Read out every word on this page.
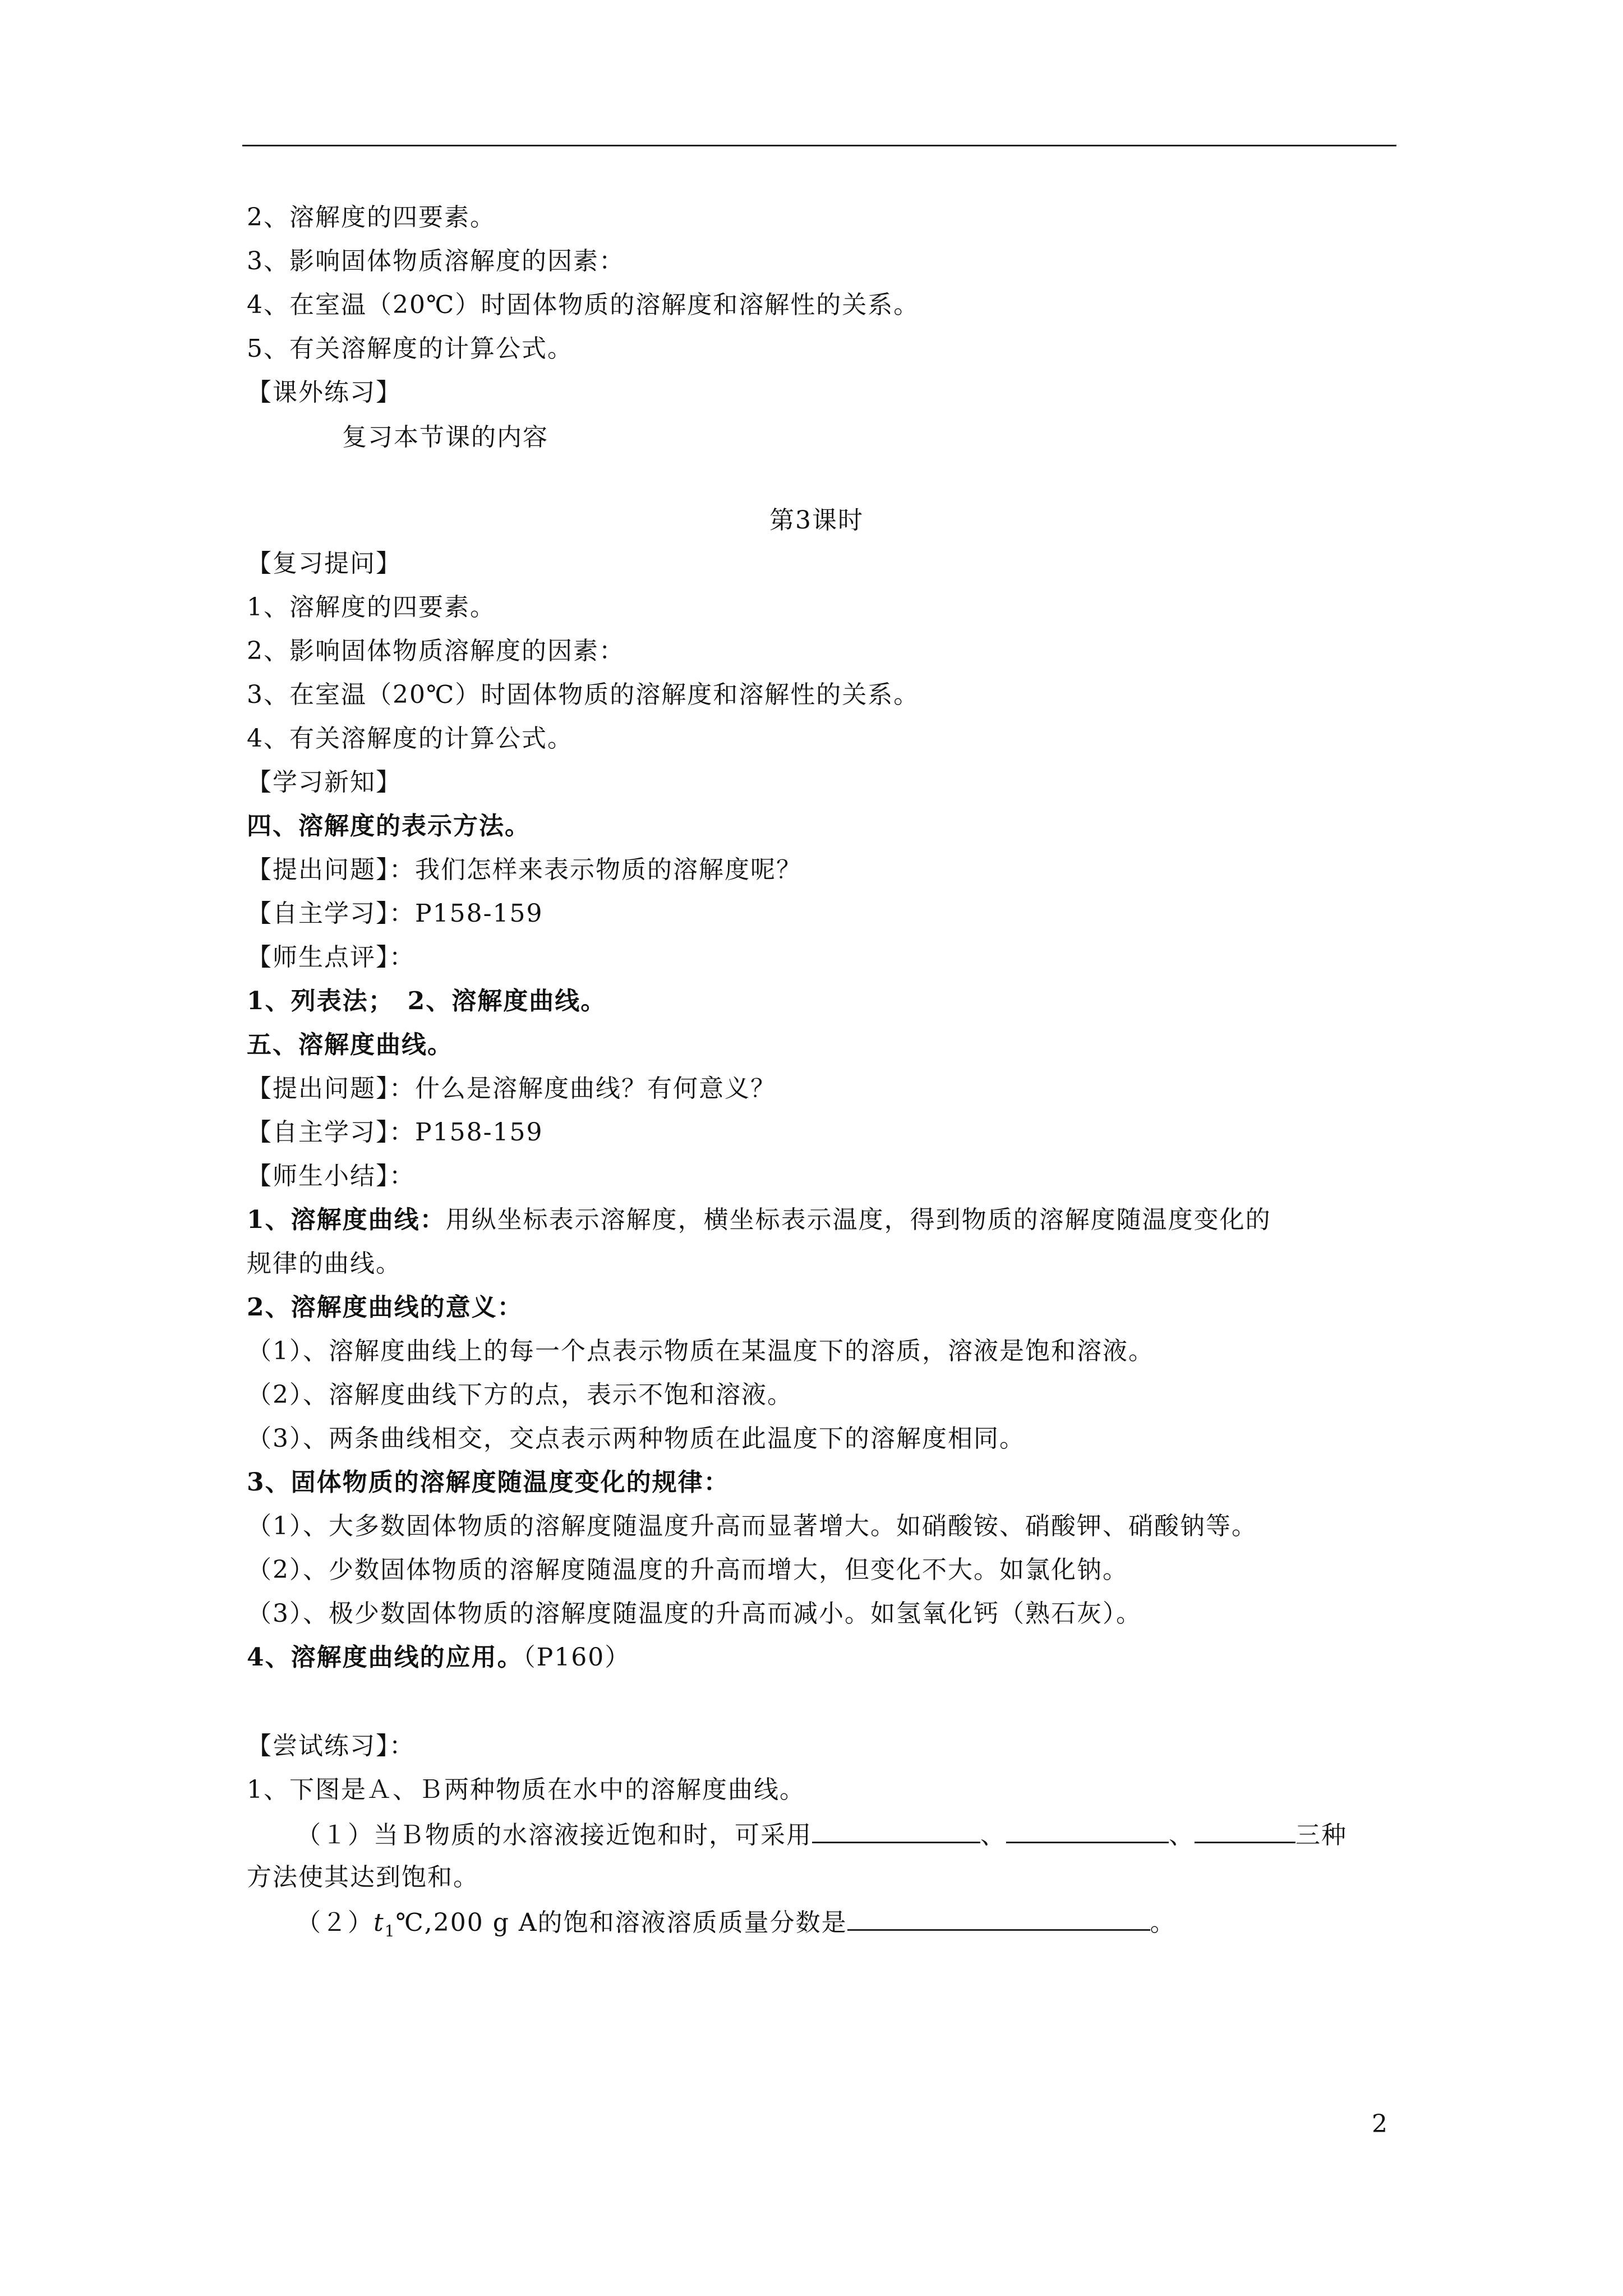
2、溶解度的四要素。
3、影响固体物质溶解度的因素：
4、在室温（20℃）时固体物质的溶解度和溶解性的关系。
5、有关溶解度的计算公式。
【课外练习】
复习本节课的内容
第3课时
【复习提问】
1、溶解度的四要素。
2、影响固体物质溶解度的因素：
3、在室温（20℃）时固体物质的溶解度和溶解性的关系。
4、有关溶解度的计算公式。
【学习新知】
四、溶解度的表示方法。
【提出问题】：我们怎样来表示物质的溶解度呢？
【自主学习】：P158-159
【师生点评】：
1、列表法；　2、溶解度曲线。
五、溶解度曲线。
【提出问题】：什么是溶解度曲线？有何意义？
【自主学习】：P158-159
【师生小结】：
1、溶解度曲线：用纵坐标表示溶解度，横坐标表示温度，得到物质的溶解度随温度变化的
规律的曲线。
2、溶解度曲线的意义：
（1）、溶解度曲线上的每一个点表示物质在某温度下的溶质，溶液是饱和溶液。
（2）、溶解度曲线下方的点，表示不饱和溶液。
（3）、两条曲线相交，交点表示两种物质在此温度下的溶解度相同。
3、固体物质的溶解度随温度变化的规律：
（1）、大多数固体物质的溶解度随温度升高而显著增大。如硝酸铵、硝酸钾、硝酸钠等。
（2）、少数固体物质的溶解度随温度的升高而增大，但变化不大。如氯化钠。
（3）、极少数固体物质的溶解度随温度的升高而减小。如氢氧化钙（熟石灰）。
4、溶解度曲线的应用。（P160）
【尝试练习】：
1、下图是Ａ、Ｂ两种物质在水中的溶解度曲线。
（１）当Ｂ物质的水溶液接近饱和时，可采用	、	、	三种
方法使其达到饱和。
$(2)t_1℃,200$ g A的饱和溶液溶质质量分数是	。
2
